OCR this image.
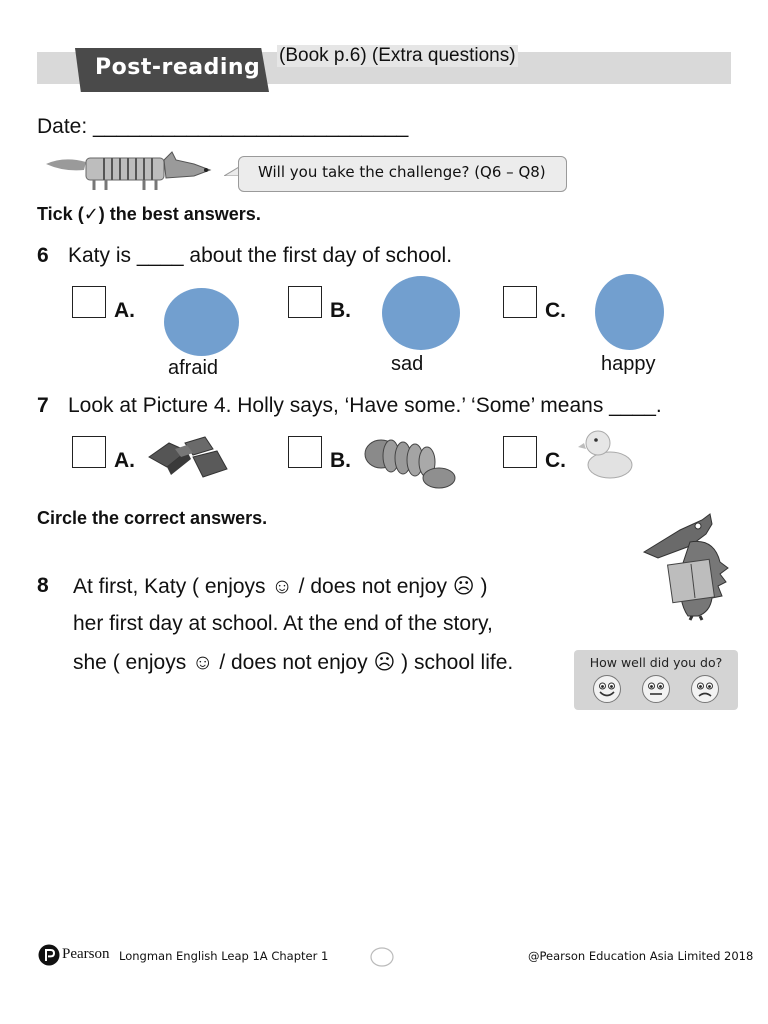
Post-reading (Book p.6) (Extra questions)
Date: ___________________________
Will you take the challenge? (Q6 – Q8)
Tick (✓) the best answers.
6 Katy is ____ about the first day of school.
A.
afraid
B.
sad
C.
happy
7 Look at Picture 4. Holly says, ‘Have some.’ ‘Some’ means ____.
A.	B.	C.
Circle the correct answers.
8 At first, Katy ( enjoys ☺ / does not enjoy ☹ )
her first day at school. At the end of the story,
she ( enjoys ☺ / does not enjoy ☹ ) school life.	How well did you do?
Pearson Longman English Leap 1A Chapter 1	@Pearson Education Asia Limited 2018
